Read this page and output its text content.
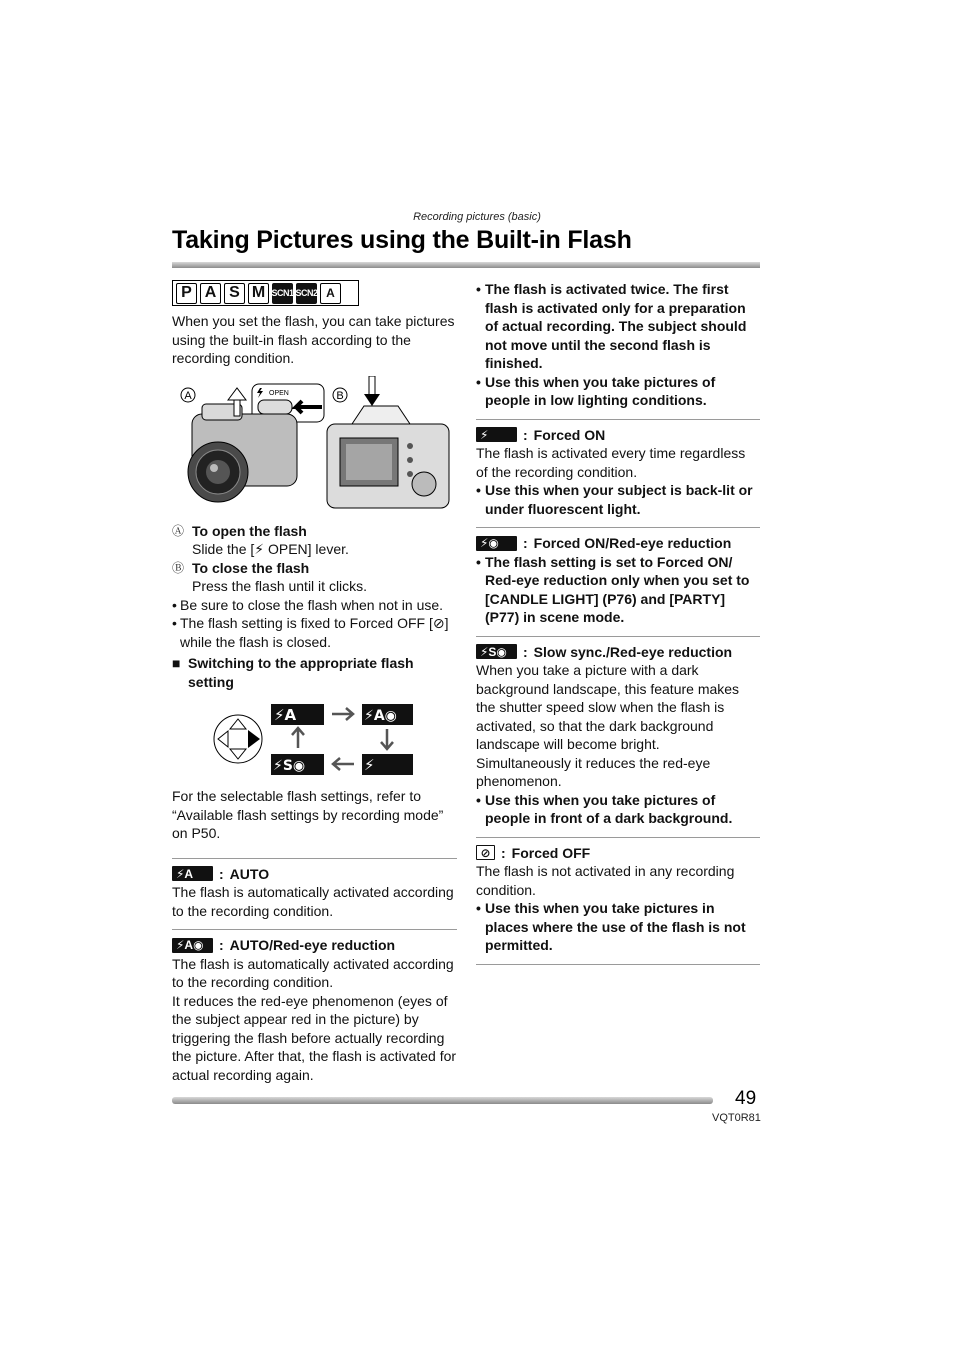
Recording pictures (basic)
Taking Pictures using the Built-in Flash
P A S M SCN1 SCN2 A

When you set the flash, you can take pictures using the built-in flash according to the recording condition.

A	B
OPEN
Ⓐ To open the flash

Slide the [⚡ OPEN] lever.

Ⓑ To close the flash

Press the flash until it clicks.

• Be sure to close the flash when not in use.

• The flash setting is fixed to Forced OFF [⊘] while the flash is closed.

■ Switching to the appropriate flash setting
⚡A	⚡A◉
⚡S◉	⚡

For the selectable flash settings, refer to “Available flash settings by recording mode” on P50.

⚡A	: AUTO

The flash is automatically activated according to the recording condition.

⚡A◉	: AUTO/Red-eye reduction

The flash is automatically activated according to the recording condition.

It reduces the red-eye phenomenon (eyes of the subject appear red in the picture) by triggering the flash before actually recording the picture. After that, the flash is activated for actual recording again.

• The flash is activated twice. The first flash is activated only for a preparation of actual recording. The subject should not move until the second flash is finished.

• Use this when you take pictures of people in low lighting conditions.

⚡	: Forced ON

The flash is activated every time regardless of the recording condition.

• Use this when your subject is back-lit or under fluorescent light.

⚡◉	: Forced ON/Red-eye reduction

• The flash setting is set to Forced ON/ Red-eye reduction only when you set to [CANDLE LIGHT] (P76) and [PARTY] (P77) in scene mode.

⚡S◉	: Slow sync./Red-eye reduction

When you take a picture with a dark background landscape, this feature makes the shutter speed slow when the flash is activated, so that the dark background landscape will become bright.

Simultaneously it reduces the red-eye phenomenon.

• Use this when you take pictures of people in front of a dark background.

⊘ : Forced OFF

The flash is not activated in any recording condition.

• Use this when you take pictures in places where the use of the flash is not permitted.

49
VQT0R81
